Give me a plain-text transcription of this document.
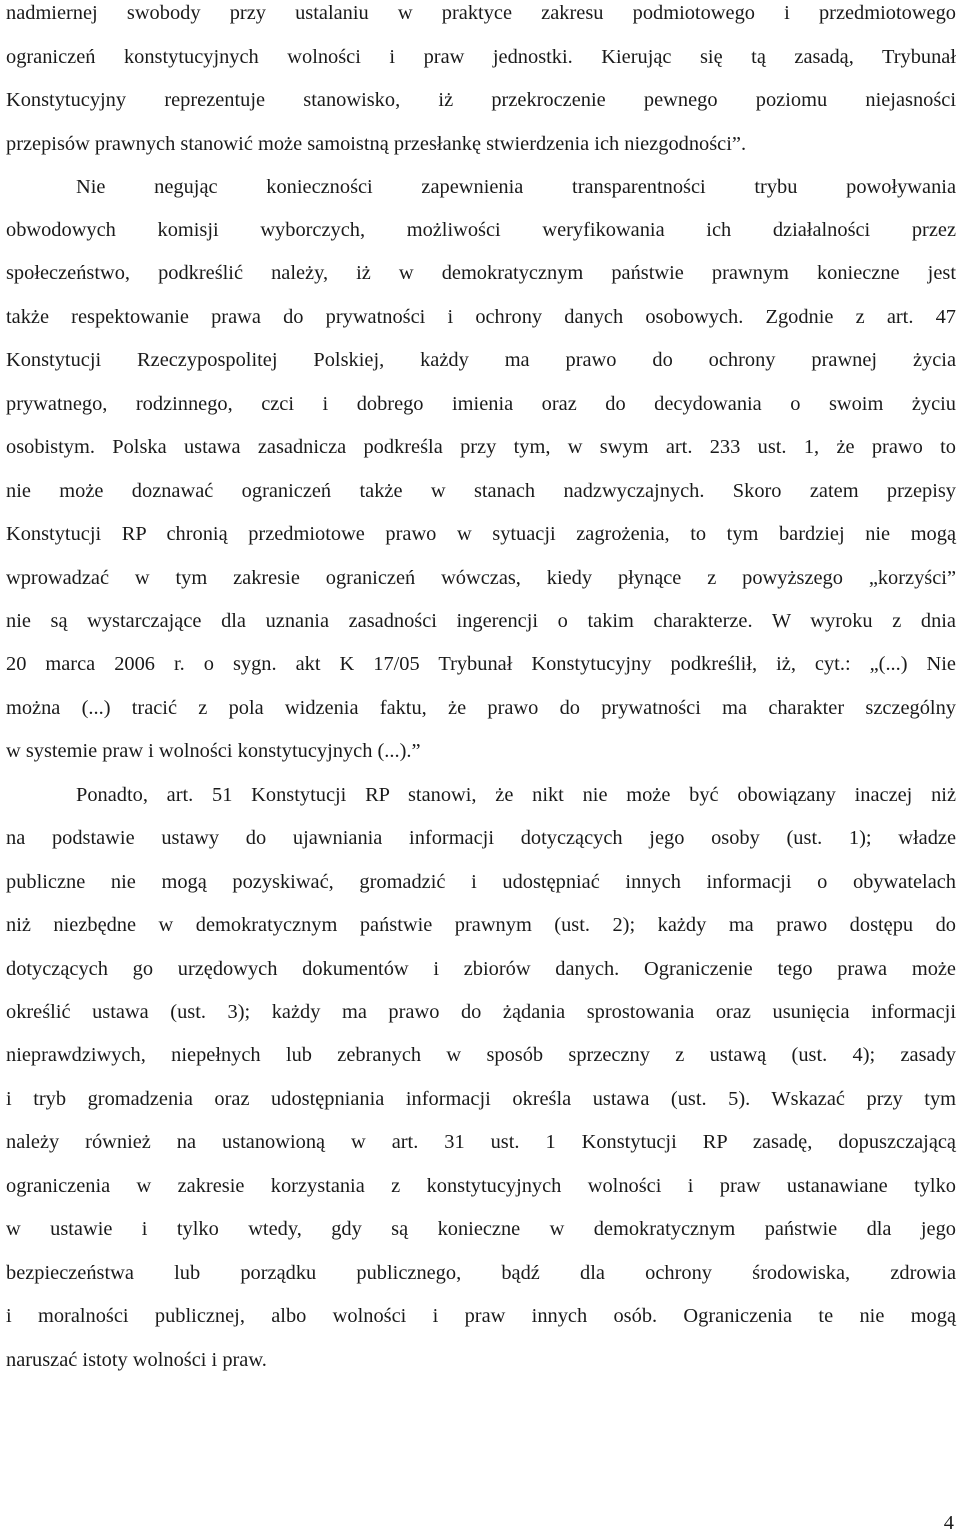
nadmiernej swobody przy ustalaniu w praktyce zakresu podmiotowego i przedmiotowego
ograniczeń konstytucyjnych wolności i praw jednostki. Kierując się tą zasadą, Trybunał
Konstytucyjny reprezentuje stanowisko, iż przekroczenie pewnego poziomu niejasności
przepisów prawnych stanowić może samoistną przesłankę stwierdzenia ich niezgodności”.
Nie negując konieczności zapewnienia transparentności trybu powoływania
obwodowych komisji wyborczych, możliwości weryfikowania ich działalności przez
społeczeństwo, podkreślić należy, iż w demokratycznym państwie prawnym konieczne jest
także respektowanie prawa do prywatności i ochrony danych osobowych. Zgodnie z art. 47
Konstytucji Rzeczypospolitej Polskiej, każdy ma prawo do ochrony prawnej życia
prywatnego, rodzinnego, czci i dobrego imienia oraz do decydowania o swoim życiu
osobistym. Polska ustawa zasadnicza podkreśla przy tym, w swym art. 233 ust. 1, że prawo to
nie może doznawać ograniczeń także w stanach nadzwyczajnych. Skoro zatem przepisy
Konstytucji RP chronią przedmiotowe prawo w sytuacji zagrożenia, to tym bardziej nie mogą
wprowadzać w tym zakresie ograniczeń wówczas, kiedy płynące z powyższego „korzyści”
nie są wystarczające dla uznania zasadności ingerencji o takim charakterze. W wyroku z dnia
20 marca 2006 r. o sygn. akt K 17/05 Trybunał Konstytucyjny podkreślił, iż, cyt.: „(...) Nie
można (...) tracić z pola widzenia faktu, że prawo do prywatności ma charakter szczególny
w systemie praw i wolności konstytucyjnych (...).”
Ponadto, art. 51 Konstytucji RP stanowi, że nikt nie może być obowiązany inaczej niż
na podstawie ustawy do ujawniania informacji dotyczących jego osoby (ust. 1); władze
publiczne nie mogą pozyskiwać, gromadzić i udostępniać innych informacji o obywatelach
niż niezbędne w demokratycznym państwie prawnym (ust. 2); każdy ma prawo dostępu do
dotyczących go urzędowych dokumentów i zbiorów danych. Ograniczenie tego prawa może
określić ustawa (ust. 3); każdy ma prawo do żądania sprostowania oraz usunięcia informacji
nieprawdziwych, niepełnych lub zebranych w sposób sprzeczny z ustawą (ust. 4); zasady
i tryb gromadzenia oraz udostępniania informacji określa ustawa (ust. 5). Wskazać przy tym
należy również na ustanowioną w art. 31 ust. 1 Konstytucji RP zasadę, dopuszczającą
ograniczenia w zakresie korzystania z konstytucyjnych wolności i praw ustanawiane tylko
w ustawie i tylko wtedy, gdy są konieczne w demokratycznym państwie dla jego
bezpieczeństwa lub porządku publicznego, bądź dla ochrony środowiska, zdrowia
i moralności publicznej, albo wolności i praw innych osób. Ograniczenia te nie mogą
naruszać istoty wolności i praw.
4
